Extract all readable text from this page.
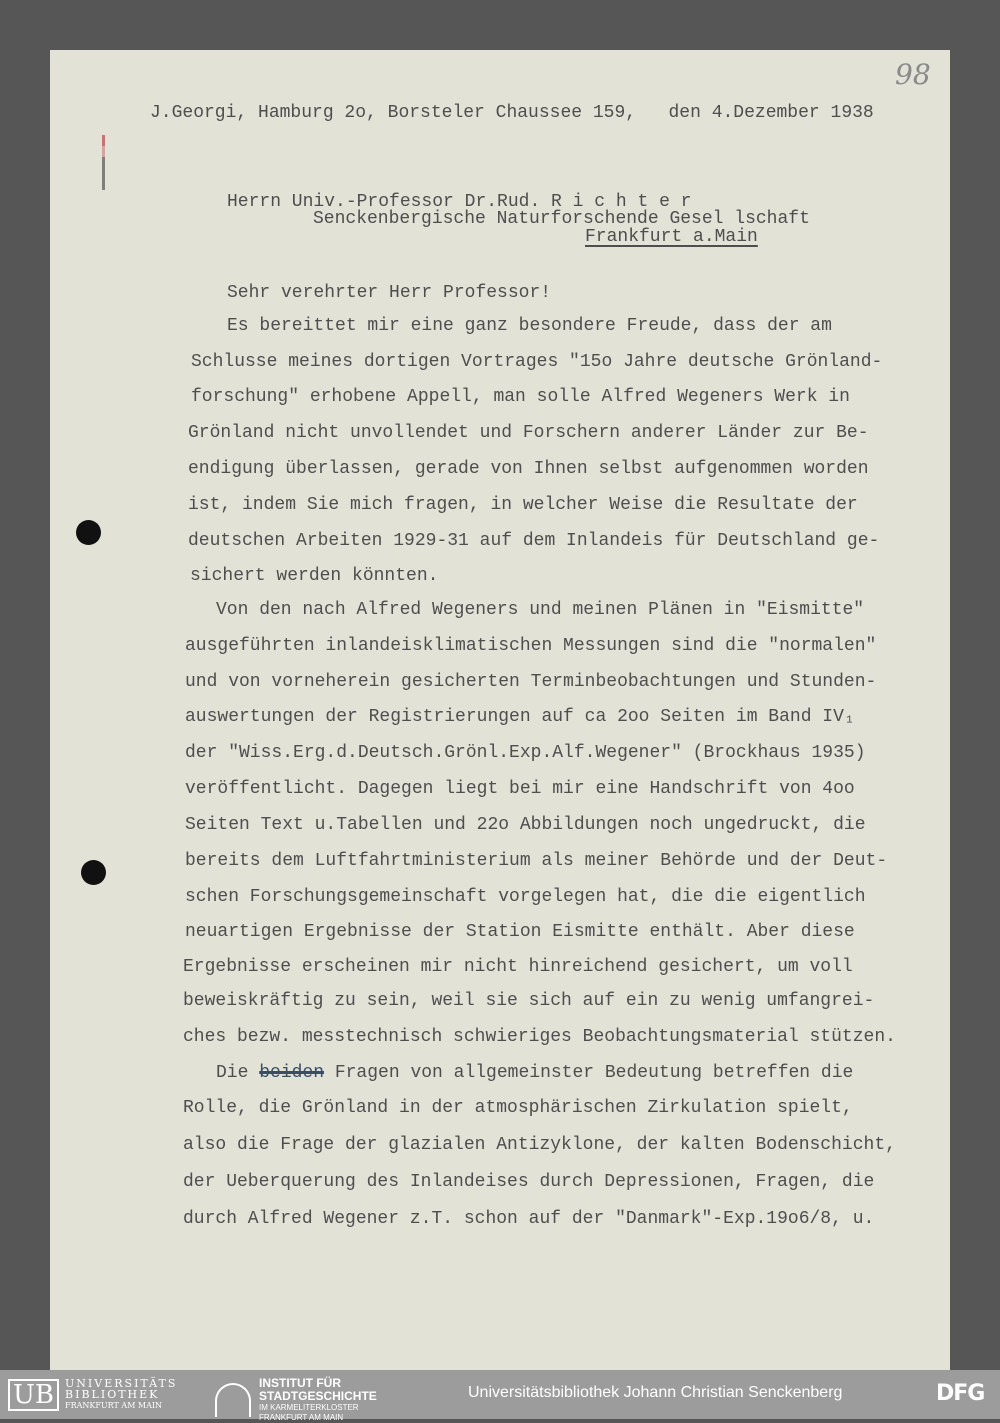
98
J.Georgi, Hamburg 2o, Borsteler Chaussee 159,   den 4.Dezember 1938
Herrn Univ.-Professor Dr.Rud. R i c h t e r
Senckenbergische Naturforschende Gesel lschaft
Frankfurt a.Main
Sehr verehrter Herr Professor!
Es bereittet mir eine ganz besondere Freude, dass der am
Schlusse meines dortigen Vortrages "15o Jahre deutsche Grönland-
forschung" erhobene Appell, man solle Alfred Wegeners Werk in
Grönland nicht unvollendet und Forschern anderer Länder zur Be-
endigung überlassen, gerade von Ihnen selbst aufgenommen worden
ist, indem Sie mich fragen, in welcher Weise die Resultate der
deutschen Arbeiten 1929-31 auf dem Inlandeis für Deutschland ge-
sichert werden könnten.
Von den nach Alfred Wegeners und meinen Plänen in "Eismitte"
ausgeführten inlandeisklimatischen Messungen sind die "normalen"
und von vorneherein gesicherten Terminbeobachtungen und Stunden-
auswertungen der Registrierungen auf ca 2oo Seiten im Band IV₁
der "Wiss.Erg.d.Deutsch.Grönl.Exp.Alf.Wegener" (Brockhaus 1935)
veröffentlicht. Dagegen liegt bei mir eine Handschrift von 4oo
Seiten Text u.Tabellen und 22o Abbildungen noch ungedruckt, die
bereits dem Luftfahrtministerium als meiner Behörde und der Deut-
schen Forschungsgemeinschaft vorgelegen hat, die die eigentlich
neuartigen Ergebnisse der Station Eismitte enthält. Aber diese
Ergebnisse erscheinen mir nicht hinreichend gesichert, um voll
beweiskräftig zu sein, weil sie sich auf ein zu wenig umfangrei-
ches bezw. messtechnisch schwieriges Beobachtungsmaterial stützen.
Rolle, die Grönland in der atmosphärischen Zirkulation spielt,
also die Frage der glazialen Antizyklone, der kalten Bodenschicht,
der Ueberquerung des Inlandeises durch Depressionen, Fragen, die
durch Alfred Wegener z.T. schon auf der "Danmark"-Exp.19o6/8, u.
Die beiden Fragen von allgemeinster Bedeutung betreffen die
UB	UNIVERSITÄTS
BIBLIOTHEK
FRANKFURT AM MAIN
INSTITUT FÜR
STADTGESCHICHTE
IM KARMELITERKLOSTER
FRANKFURT AM MAIN
Universitätsbibliothek Johann Christian Senckenberg	DFG
